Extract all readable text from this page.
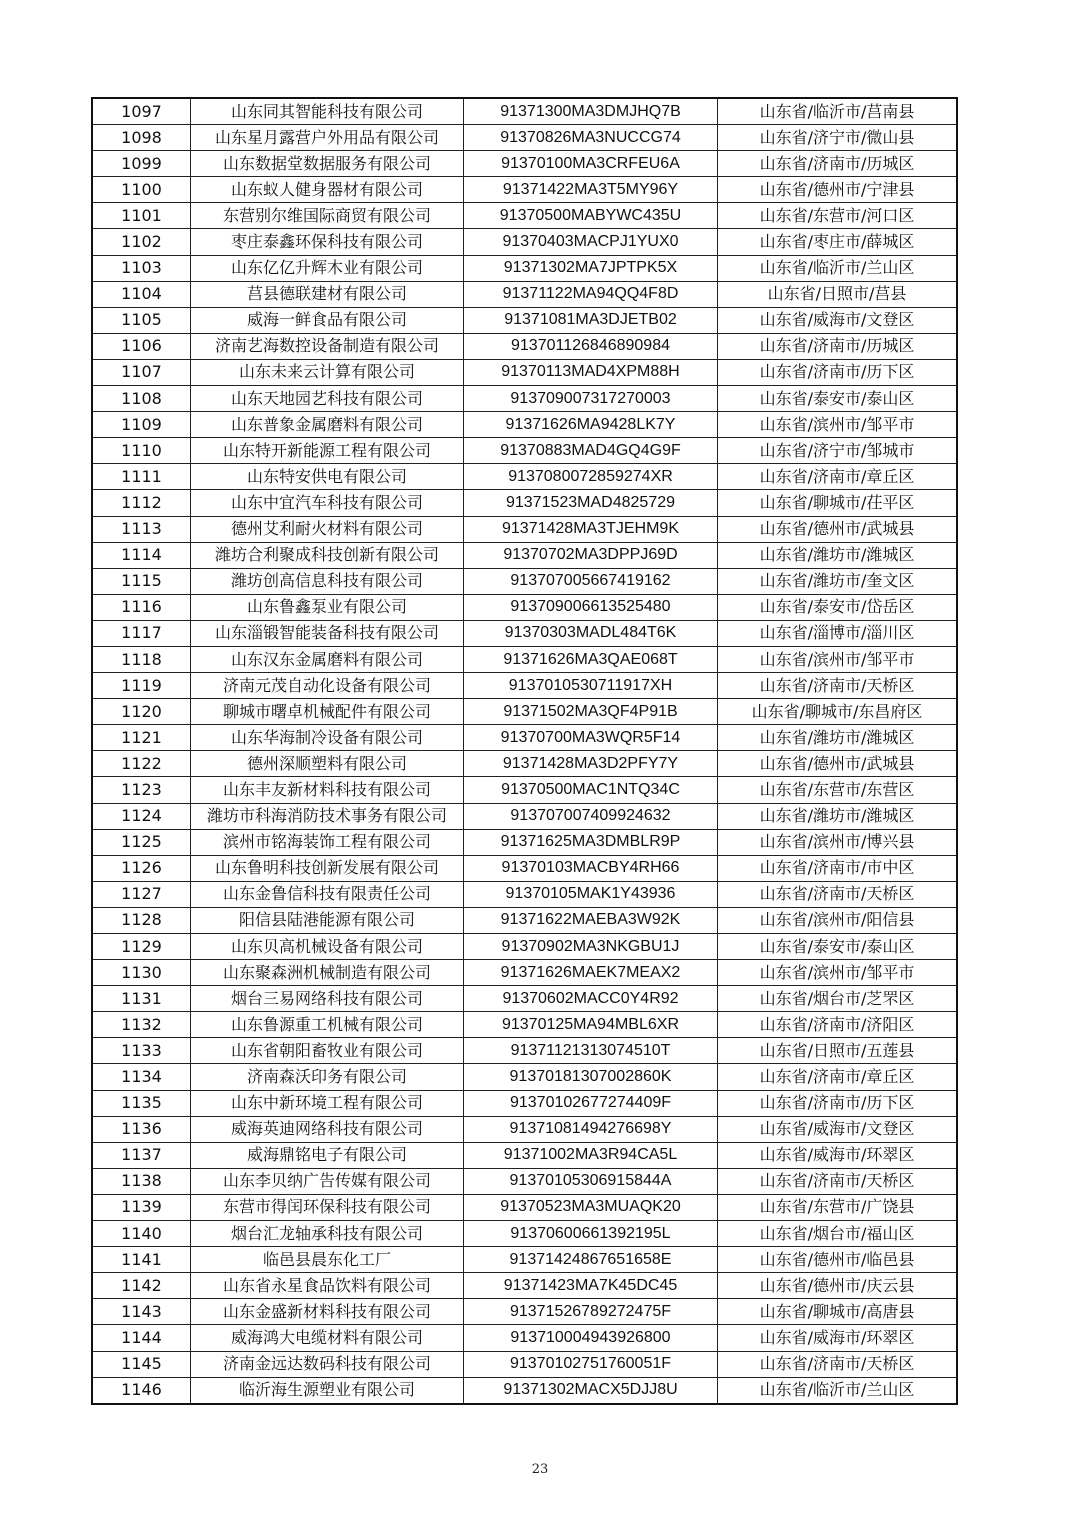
1097	山东同其智能科技有限公司	91371300MA3DMJHQ7B	山东省/临沂市/莒南县
1098	山东星月露营户外用品有限公司	91370826MA3NUCCG74	山东省/济宁市/微山县
1099	山东数据堂数据服务有限公司	91370100MA3CRFEU6A	山东省/济南市/历城区
1100	山东蚁人健身器材有限公司	91371422MA3T5MY96Y	山东省/德州市/宁津县
1101	东营别尔维国际商贸有限公司	91370500MABYWC435U	山东省/东营市/河口区
1102	枣庄泰鑫环保科技有限公司	91370403MACPJ1YUX0	山东省/枣庄市/薛城区
1103	山东亿亿升辉木业有限公司	91371302MA7JPTPK5X	山东省/临沂市/兰山区
1104	莒县德联建材有限公司	91371122MA94QQ4F8D	山东省/日照市/莒县
1105	威海一鲜食品有限公司	91371081MA3DJETB02	山东省/威海市/文登区
1106	济南艺海数控设备制造有限公司	913701126846890984	山东省/济南市/历城区
1107	山东未来云计算有限公司	91370113MAD4XPM88H	山东省/济南市/历下区
1108	山东天地园艺科技有限公司	913709007317270003	山东省/泰安市/泰山区
1109	山东普象金属磨料有限公司	91371626MA9428LK7Y	山东省/滨州市/邹平市
1110	山东特开新能源工程有限公司	91370883MAD4GQ4G9F	山东省/济宁市/邹城市
1111	山东特安供电有限公司	9137080072859274XR	山东省/济南市/章丘区
1112	山东中宜汽车科技有限公司	91371523MAD4825729	山东省/聊城市/茌平区
1113	德州艾利耐火材料有限公司	91371428MA3TJEHM9K	山东省/德州市/武城县
1114	潍坊合利聚成科技创新有限公司	91370702MA3DPPJ69D	山东省/潍坊市/潍城区
1115	潍坊创高信息科技有限公司	913707005667419162	山东省/潍坊市/奎文区
1116	山东鲁鑫泵业有限公司	913709006613525480	山东省/泰安市/岱岳区
1117	山东淄锻智能装备科技有限公司	91370303MADL484T6K	山东省/淄博市/淄川区
1118	山东汉东金属磨料有限公司	91371626MA3QAE068T	山东省/滨州市/邹平市
1119	济南元茂自动化设备有限公司	9137010530711917XH	山东省/济南市/天桥区
1120	聊城市曙卓机械配件有限公司	91371502MA3QF4P91B	山东省/聊城市/东昌府区
1121	山东华海制冷设备有限公司	91370700MA3WQR5F14	山东省/潍坊市/潍城区
1122	德州深顺塑料有限公司	91371428MA3D2PFY7Y	山东省/德州市/武城县
1123	山东丰友新材料科技有限公司	91370500MAC1NTQ34C	山东省/东营市/东营区
1124	潍坊市科海消防技术事务有限公司	913707007409924632	山东省/潍坊市/潍城区
1125	滨州市铭海装饰工程有限公司	91371625MA3DMBLR9P	山东省/滨州市/博兴县
1126	山东鲁明科技创新发展有限公司	91370103MACBY4RH66	山东省/济南市/市中区
1127	山东金鲁信科技有限责任公司	91370105MAK1Y43936	山东省/济南市/天桥区
1128	阳信县陆港能源有限公司	91371622MAEBA3W92K	山东省/滨州市/阳信县
1129	山东贝高机械设备有限公司	91370902MA3NKGBU1J	山东省/泰安市/泰山区
1130	山东聚森洲机械制造有限公司	91371626MAEK7MEAX2	山东省/滨州市/邹平市
1131	烟台三易网络科技有限公司	91370602MACC0Y4R92	山东省/烟台市/芝罘区
1132	山东鲁源重工机械有限公司	91370125MA94MBL6XR	山东省/济南市/济阳区
1133	山东省朝阳畜牧业有限公司	91371121313074510T	山东省/日照市/五莲县
1134	济南森沃印务有限公司	91370181307002860K	山东省/济南市/章丘区
1135	山东中新环境工程有限公司	91370102677274409F	山东省/济南市/历下区
1136	威海英迪网络科技有限公司	91371081494276698Y	山东省/威海市/文登区
1137	威海鼎铭电子有限公司	91371002MA3R94CA5L	山东省/威海市/环翠区
1138	山东李贝纳广告传媒有限公司	91370105306915844A	山东省/济南市/天桥区
1139	东营市得闰环保科技有限公司	91370523MA3MUAQK20	山东省/东营市/广饶县
1140	烟台汇龙轴承科技有限公司	91370600661392195L	山东省/烟台市/福山区
1141	临邑县晨东化工厂	91371424867651658E	山东省/德州市/临邑县
1142	山东省永星食品饮料有限公司	91371423MA7K45DC45	山东省/德州市/庆云县
1143	山东金盛新材料科技有限公司	91371526789272475F	山东省/聊城市/高唐县
1144	威海鸿大电缆材料有限公司	913710004943926800	山东省/威海市/环翠区
1145	济南金远达数码科技有限公司	91370102751760051F	山东省/济南市/天桥区
1146	临沂海生源塑业有限公司	91371302MACX5DJJ8U	山东省/临沂市/兰山区
23
